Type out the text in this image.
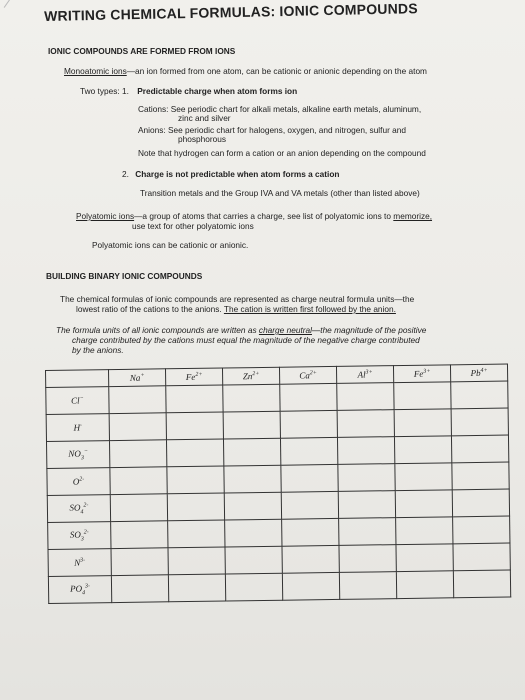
WRITING CHEMICAL FORMULAS: IONIC COMPOUNDS
IONIC COMPOUNDS ARE FORMED FROM IONS
Monoatomic ions—an ion formed from one atom, can be cationic or anionic depending on the atom
Two types: 1. Predictable charge when atom forms ion
Cations: See periodic chart for alkali metals, alkaline earth metals, aluminum,
zinc and silver
Anions: See periodic chart for halogens, oxygen, and nitrogen, sulfur and
phosphorous
Note that hydrogen can form a cation or an anion depending on the compound
2. Charge is not predictable when atom forms a cation
Transition metals and the Group IVA and VA metals (other than listed above)
Polyatomic ions—a group of atoms that carries a charge, see list of polyatomic ions to memorize,
use text for other polyatomic ions
Polyatomic ions can be cationic or anionic.
BUILDING BINARY IONIC COMPOUNDS
The chemical formulas of ionic compounds are represented as charge neutral formula units—the
lowest ratio of the cations to the anions. The cation is written first followed by the anion.
The formula units of all ionic compounds are written as charge neutral—the magnitude of the positive
charge contributed by the cations must equal the magnitude of the negative charge contributed
by the anions.
	Na+	$Fe^{2+}$	$Zn^{2+}$	$Ca^{2+}$	$Al^{3+}$	$Fe^{3+}$	$Pb^{4+}$
Cl−							
H-							
$NO_3^-$							
$O^{2-}$							
$SO_4^{2-}$							
$SO_3^{2-}$							
$N^{3-}$							
$PO_4^{3-}$							
